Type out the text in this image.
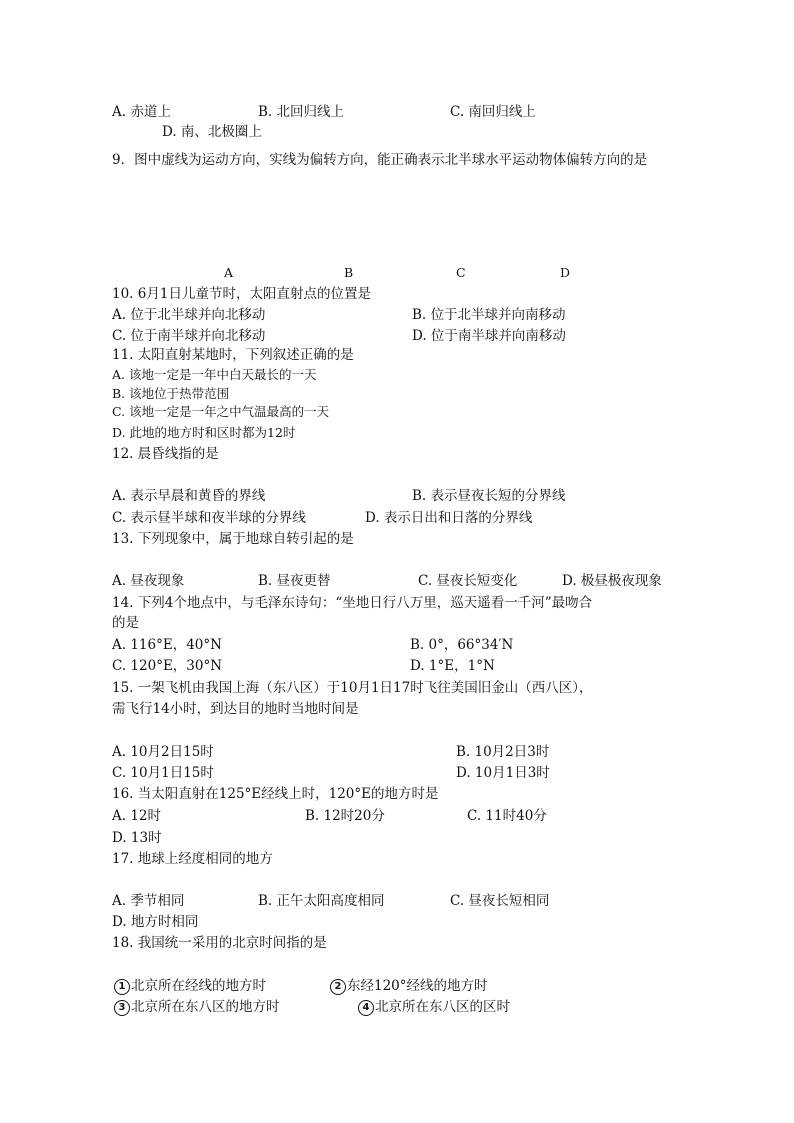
A. 赤道上	B. 北回归线上	C. 南回归线上
D. 南、北极圈上
9．图中虚线为运动方向，实线为偏转方向，能正确表示北半球水平运动物体偏转方向的是
A	B	C	D
10. 6月1日儿童节时，太阳直射点的位置是
A. 位于北半球并向北移动	B. 位于北半球并向南移动
C. 位于南半球并向北移动	D. 位于南半球并向南移动
11. 太阳直射某地时，下列叙述正确的是
A. 该地一定是一年中白天最长的一天
B. 该地位于热带范围
C. 该地一定是一年之中气温最高的一天
D. 此地的地方时和区时都为12时
12. 晨昏线指的是
A. 表示早晨和黄昏的界线	B. 表示昼夜长短的分界线
C. 表示昼半球和夜半球的分界线	D. 表示日出和日落的分界线
13. 下列现象中，属于地球自转引起的是
A. 昼夜现象	B. 昼夜更替	C. 昼夜长短变化	D. 极昼极夜现象
14. 下列4个地点中，与毛泽东诗句：“坐地日行八万里，巡天遥看一千河”最吻合
的是
A. 116°E，40°N	B. 0°，66°34′N
C. 120°E，30°N	D. 1°E，1°N
15. 一架飞机由我国上海（东八区）于10月1日17时飞往美国旧金山（西八区），
需飞行14小时，到达目的地时当地时间是
A. 10月2日15时	B. 10月2日3时
C. 10月1日15时	D. 10月1日3时
16. 当太阳直射在125°E经线上时，120°E的地方时是
A. 12时	B. 12时20分	C. 11时40分
D. 13时
17. 地球上经度相同的地方
A. 季节相同	B. 正午太阳高度相同	C. 昼夜长短相同
D. 地方时相同
18. 我国统一采用的北京时间指的是
1 北京所在经线的地方时	2 东经120°经线的地方时
3 北京所在东八区的地方时	4 北京所在东八区的区时
